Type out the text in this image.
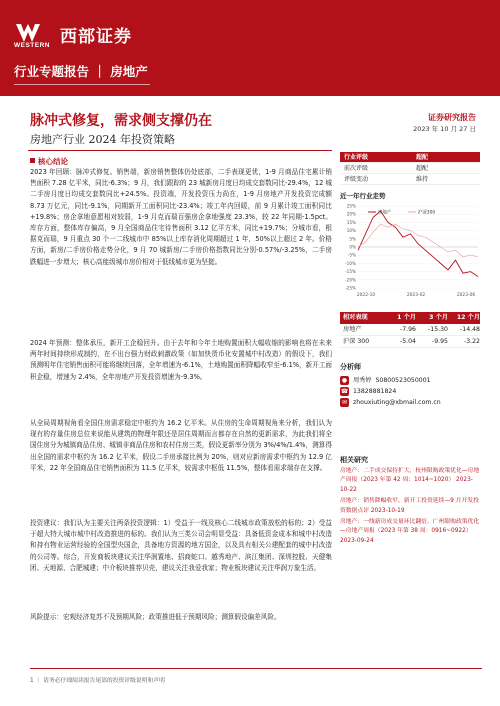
WESTERN 西部证券
行业专题报告 ｜ 房地产
脉冲式修复，需求侧支撑仍在
房地产行业 2024 年投资策略
证券研究报告
2023 年 10 月 27 日
核心结论
2023 年回顾：脉冲式修复。销售端，新房销售整体仍处底部，二手表现更优，1-9 月商品住宅累计销售面积 7.28 亿平米，同比-6.3%；9 月，我们跟踪的 23 城新房月度日均成交套数同比-29.4%，12 城二手房月度日均成交套数同比+24.5%。投资端，开发投资压力尚在，1-9 月房地产开发投资完成额 8.73 万亿元，同比-9.1%，同期新开工面积同比-23.4%；竣工年内回暖，前 9 月累计竣工面积同比+19.8%；房企拿地意愿相对较弱，1-9 月克而瑞百强房企拿地强度 23.3%，较 22 年同期-1.5pct。库存方面，整体库存偏高，9 月全国商品住宅待售面积 3.12 亿平方米，同比+19.7%；分城市看，根据克而瑞，9 月重点 30 个一二线城市中 85%以上库存消化周期超过 1 年，50%以上超过 2 年。价格方面，新房/二手房价格走势分化，9 月 70 城新房/二手房价格指数同比分别-0.57%/-3.25%，二手房跌幅进一步增大；核心高能级城市房价相对于低线城市更为坚挺。
2024 年预测：整体承压，新开工企稳回升。由于去年和今年土地购置面积大幅收缩的影响也将在未来两年时间持续形成制约，在不出台强力财政刺激政策（如加快货币化安置城中村改造）的假设下，我们预测明年住宅销售面积可能将继续回落，全年增速为-6.1%，土地购置面积降幅收窄至-6.1%，新开工面积企稳，增速为 2.4%，全年房地产开发投资增速为-9.3%。
从全局周期视角看全国住房需求稳定中枢约为 16.2 亿平米。从住房的生命周期视角来分析，我们认为现有的存量住房总位来说能从建筑的物理年限还是居住周期而言都存在自然的更新需求，为此我们将全国住房分为城镇商品住房、城镇非商品住房和农村住房三类，假设更新率分别为 3%/4%/1.4%，测算得出全国的需求中枢约为 16.2 亿平米，假设二手房承接比例为 20%，则对应新房需求中枢约为 12.9 亿平米，22 年全国商品住宅销售面积为 11.5 亿平米，较需求中枢低 11.5%，整体看需求端存在支撑。
投资建议：我们认为主要关注两条投资逻辑：1）受益于一线及核心二线城市政策放松的标的；2）受益于超大特大城市城中村改造推进的标的。我们认为三类公司会明显受益：具备低资金成本和城中村改造和持有物业运营经验的全国型央国企，具备地方资源的地方国企，以及具有相关公建配套的城中村改造的公司等。综合，开发商板块建议关注华润置地、招商蛇口、越秀地产、滨江集团、深圳控股、天健集团、天地源、合肥城建；中介板块推荐贝壳，建议关注我爱我家；物业板块建议关注华润万象生活。
风险提示：宏观经济复苏不及预期风险；政策推进低于预期风险；测算假设偏差风险。
行业评级	超配
前次评级	超配
评级变动	维持
近一年行业走势
25%
20%
15%
10%
5%
0%
-5%
-10%
-15%
-20%
-25%
2022-10	2023-02	2023-06
房地产	沪深300
相对表现	1 个月	3 个月	12 个月
房地产	-7.96	-15.30	-14.48
沪深 300	-5.04	-9.95	-3.22
分析师
● 周秀婷
S0800523050001
☎ 13828881824
✉ zhouxiuting@xbmail.com.cn
相关研究
房地产：二手成交保持扩大，杭州限购政策优化—房地产周报（2023 年第 42 周：1014~1020） 2023-10-22
房地产：销售降幅收窄，新开工投资延续—9 月开发投资数据点评 2023-10-19
房地产：一线新房成交量环比翻倍，广州限购政策优化—房地产周报（2023 年第 38 周：0916~0922） 2023-09-24
1 ｜ 请务必仔细阅读报告尾部的投资评级说明和声明
